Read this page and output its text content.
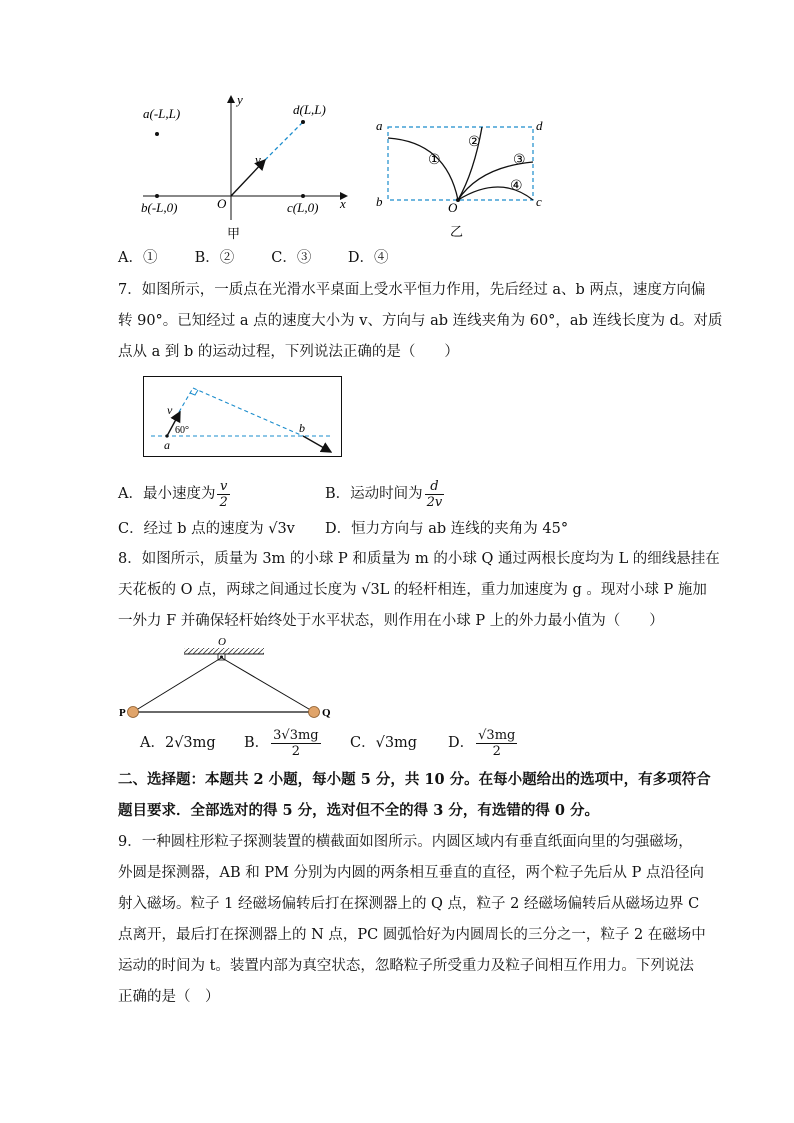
a(-L,L)	d(L,L)
b(-L,0)	c(L,0)
O	x
y
v
甲
a	d
b	c
O
①
②
③
④
乙
A．①	B．②	C．③	D．④
7．如图所示，一质点在光滑水平桌面上受水平恒力作用，先后经过 a、b 两点，速度方向偏
转 90°。已知经过 a 点的速度大小为 v、方向与 ab 连线夹角为 60°，ab 连线长度为 d。对质
点从 a 到 b 的运动过程，下列说法正确的是（　　）
v
60°
a
b
A．最小速度为 $\frac{v}{2}$	B．运动时间为 $\frac{d}{2v}$
C．经过 b 点的速度为 √3v D．恒力方向与 ab 连线的夹角为 45°
8．如图所示，质量为 3m 的小球 P 和质量为 m 的小球 Q 通过两根长度均为 L 的细线悬挂在
天花板的 O 点，两球之间通过长度为 √3L 的轻杆相连，重力加速度为 g 。现对小球 P 施加
一外力 F 并确保轻杆始终处于水平状态，则作用在小球 P 上的外力最小值为（　　）
O
P	Q
A．2√3mg B． $\frac{3√3mg}{2}$ C．√3mg D． $\frac{√3mg}{2}$
二、选择题：本题共 2 小题，每小题 5 分，共 10 分。在每小题给出的选项中，有多项符合
题目要求．全部选对的得 5 分，选对但不全的得 3 分，有选错的得 0 分。
9．一种圆柱形粒子探测装置的横截面如图所示。内圆区域内有垂直纸面向里的匀强磁场，
外圆是探测器，AB 和 PM 分别为内圆的两条相互垂直的直径，两个粒子先后从 P 点沿径向
射入磁场。粒子 1 经磁场偏转后打在探测器上的 Q 点，粒子 2 经磁场偏转后从磁场边界 C
点离开，最后打在探测器上的 N 点，PC 圆弧恰好为内圆周长的三分之一，粒子 2 在磁场中
运动的时间为 t。装置内部为真空状态，忽略粒子所受重力及粒子间相互作用力。下列说法
正确的是（　）
